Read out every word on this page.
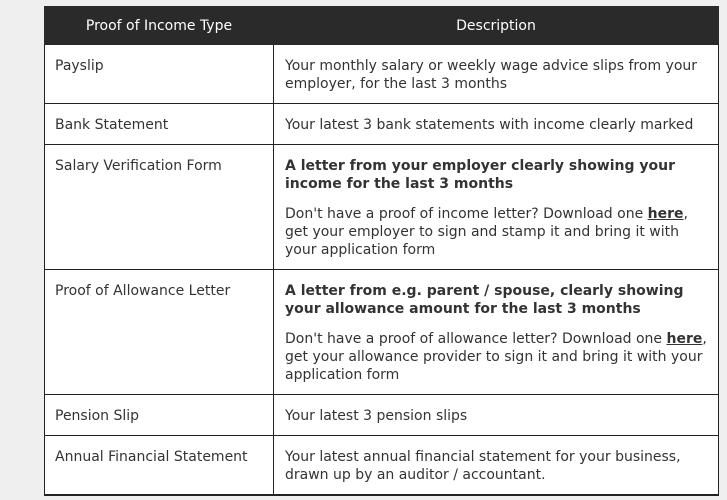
Proof of Income Type	Description
Payslip	Your monthly salary or weekly wage advice slips from your employer, for the last 3 months
Bank Statement	Your latest 3 bank statements with income clearly marked
Salary Verification Form	A letter from your employer clearly showing your income for the last 3 months
Don't have a proof of income letter? Download one here, get your employer to sign and stamp it and bring it with your application form

Proof of Allowance Letter	A letter from e.g. parent / spouse, clearly showing your allowance amount for the last 3 months
Don't have a proof of allowance letter? Download one here, get your allowance provider to sign it and bring it with your application form

Pension Slip	Your latest 3 pension slips
Annual Financial Statement	Your latest annual financial statement for your business, drawn up by an auditor / accountant.
